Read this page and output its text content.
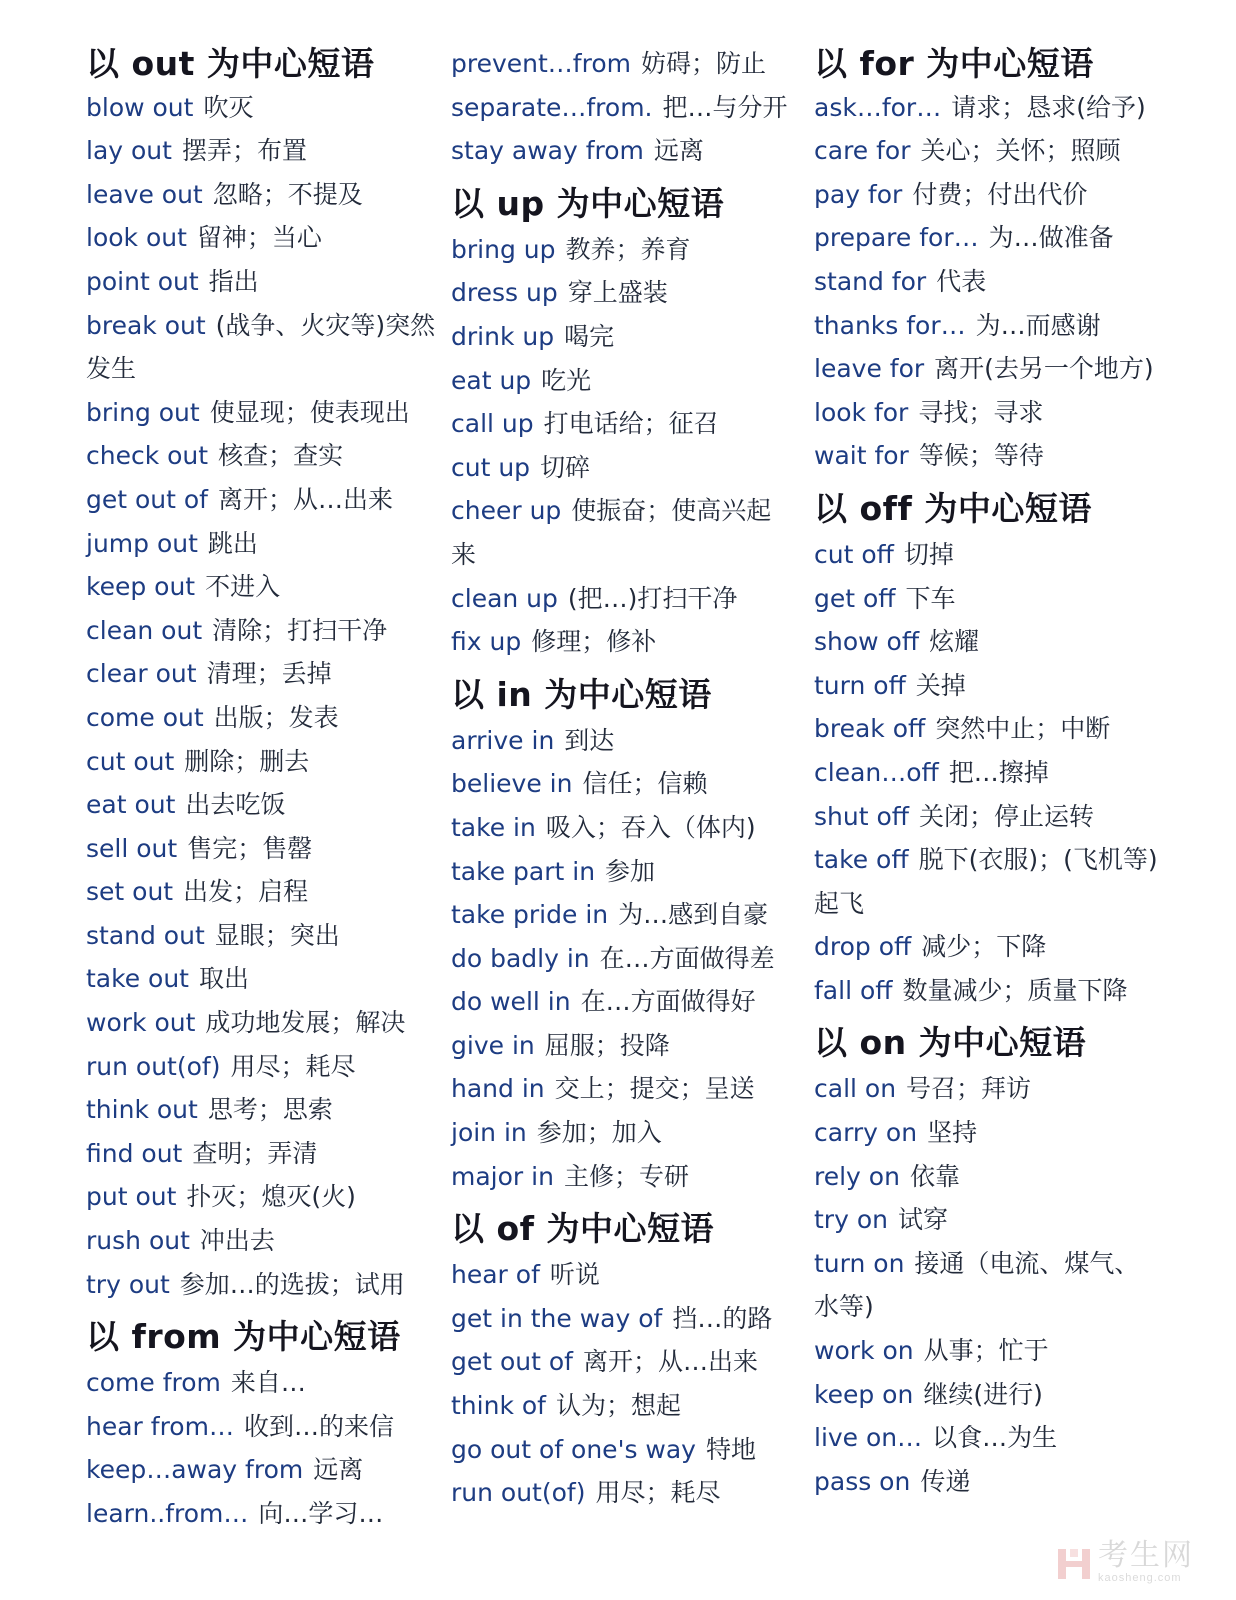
以 out 为中心短语
blow out 吹灭
lay out 摆弄；布置
leave out 忽略；不提及
look out 留神；当心
point out 指出
break out (战争、火灾等)突然
发生
bring out 使显现；使表现出
check out 核查；查实
get out of 离开；从…出来
jump out 跳出
keep out 不进入
clean out 清除；打扫干净
clear out 清理；丢掉
come out 出版；发表
cut out 删除；删去
eat out 出去吃饭
sell out 售完；售罄
set out 出发；启程
stand out 显眼；突出
take out 取出
work out 成功地发展；解决
run out(of) 用尽；耗尽
think out 思考；思索
find out 查明；弄清
put out 扑灭；熄灭(火)
rush out 冲出去
try out 参加…的选拔；试用
以 from 为中心短语
come from 来自…
hear from… 收到…的来信
keep…away from 远离
learn..from… 向…学习…
prevent…from 妨碍；防止
separate…from. 把…与分开
stay away from 远离
以 up 为中心短语
bring up 教养；养育
dress up 穿上盛装
drink up 喝完
eat up 吃光
call up 打电话给；征召
cut up 切碎
cheer up 使振奋；使高兴起
来
clean up (把…)打扫干净
fix up 修理；修补
以 in 为中心短语
arrive in 到达
believe in 信任；信赖
take in 吸入；吞入（体内)
take part in 参加
take pride in 为…感到自豪
do badly in 在…方面做得差
do well in 在…方面做得好
give in 屈服；投降
hand in 交上；提交；呈送
join in 参加；加入
major in 主修；专研
以 of 为中心短语
hear of 听说
get in the way of 挡…的路
get out of 离开；从…出来
think of 认为；想起
go out of one's way 特地
run out(of) 用尽；耗尽
以 for 为中心短语
ask…for… 请求；恳求(给予)
care for 关心；关怀；照顾
pay for 付费；付出代价
prepare for… 为…做准备
stand for 代表
thanks for… 为…而感谢
leave for 离开(去另一个地方)
look for 寻找；寻求
wait for 等候；等待
以 off 为中心短语
cut off 切掉
get off 下车
show off 炫耀
turn off 关掉
break off 突然中止；中断
clean…off 把…擦掉
shut off 关闭；停止运转
take off 脱下(衣服)；(飞机等)
起飞
drop off 减少；下降
fall off 数量减少；质量下降
以 on 为中心短语
call on 号召；拜访
carry on 坚持
rely on 依靠
try on 试穿
turn on 接通（电流、煤气、
水等)
work on 从事；忙于
keep on 继续(进行)
live on… 以食…为生
pass on 传递
考生网
kaosheng.com
